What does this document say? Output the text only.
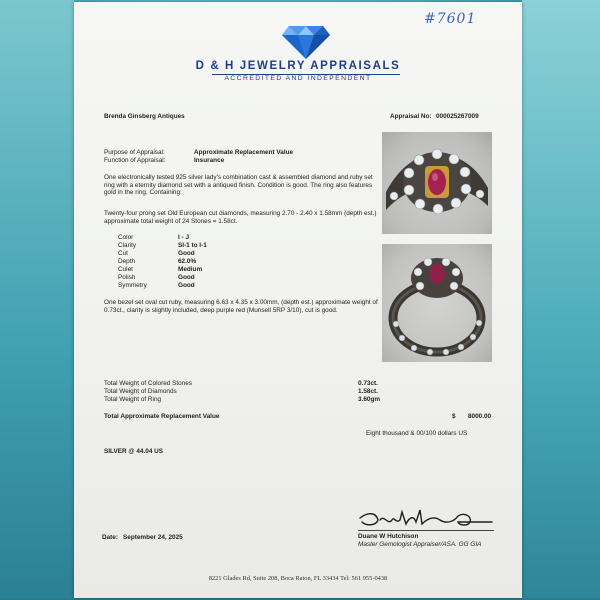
#7601
D & H JEWELRY APPRAISALS
ACCREDITED AND INDEPENDENT
Brenda Ginsberg Antiques	Appraisal No: 000025267009
Purpose of Appraisal:	Approximate Replacement Value
Function of Appraisal:	Insurance
One electronically tested 925 silver lady's combination cast & assembled diamond and ruby set ring with a eternity diamond set with a antiqued finish. Condition is good. The ring also features gold in the ring. Containing:
Twenty-four prong set Old European cut diamonds, measuring 2.70 - 2.40 x 1.58mm (depth est.) approximate total weight of 24 Stones = 1.58ct.
Color	I - J
Clarity	SI-1 to I-1
Cut	Good
Depth	62.0%
Culet	Medium
Polish	Good
Symmetry	Good
One bezel set oval cut ruby, measuring 6.63 x 4.35 x 3.00mm, (depth est.) approximate weight of 0.73ct., clarity is slightly included, deep purple red (Munsell 5RP 3/10), cut is good.
Total Weight of Colored Stones	0.73ct.
Total Weight of Diamonds	1.58ct.
Total Weight of Ring	3.60gm
Total Approximate Replacement Value	$ 8000.00
Eight thousand & 00/100 dollars US
SILVER @ 44.04 US
Date: September 24, 2025	Duane W Hutchison
Master Gemologist Appraiser/ASA. GG GIA
8221 Glades Rd, Suite 208, Boca Raton, FL 33434 Tel: 561 955-0438
